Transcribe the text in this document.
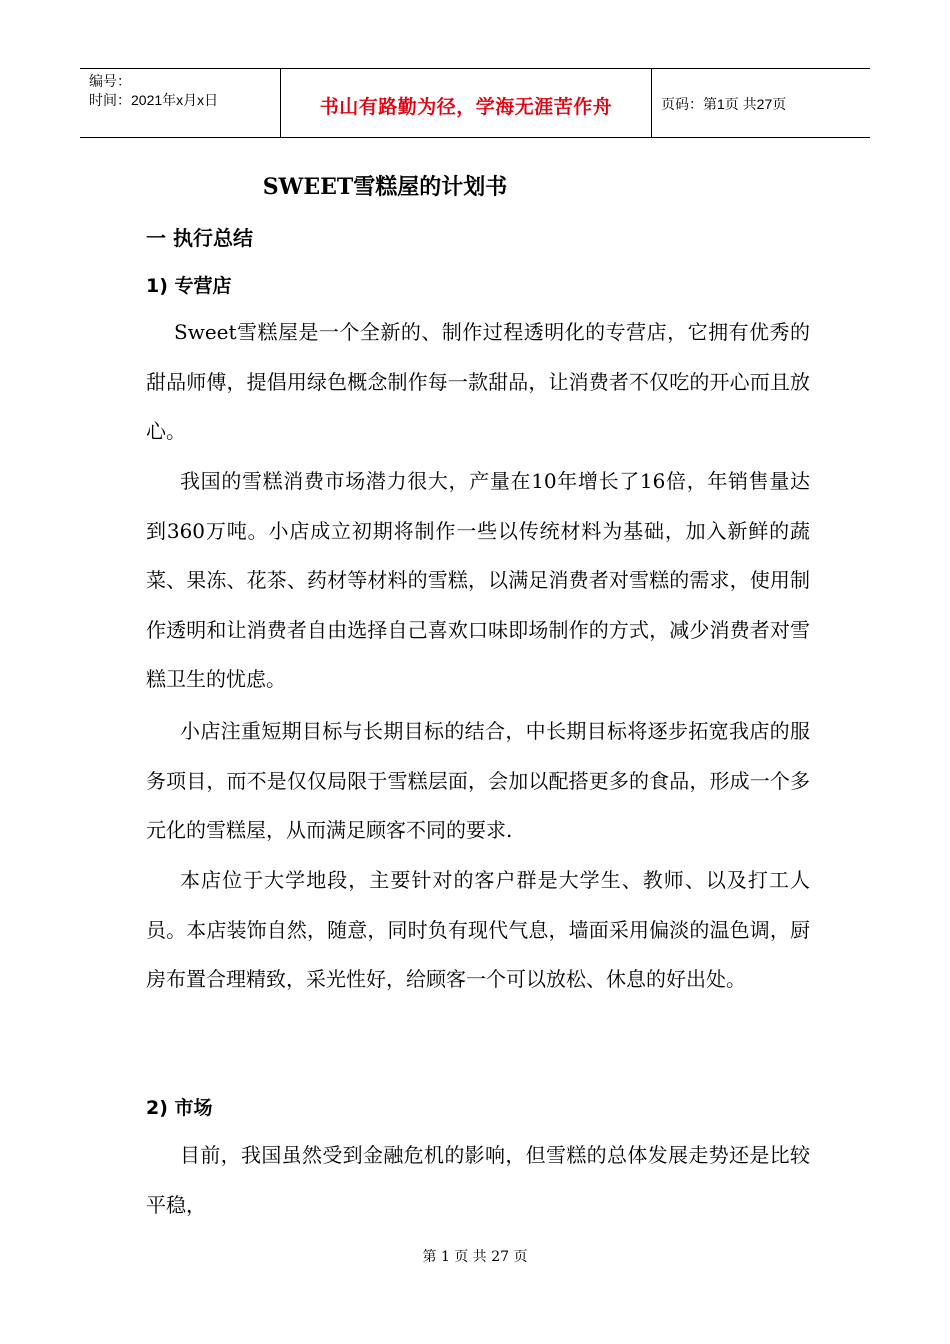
编号：
时间：2021年x月x日	书山有路勤为径，学海无涯苦作舟	页码：第1页 共27页
SWEET雪糕屋的计划书
一 执行总结
1) 专营店
Sweet雪糕屋是一个全新的、制作过程透明化的专营店，它拥有优秀的甜品师傅，提倡用绿色概念制作每一款甜品，让消费者不仅吃的开心而且放心。
我国的雪糕消费市场潜力很大，产量在10年增长了16倍，年销售量达到360万吨。小店成立初期将制作一些以传统材料为基础，加入新鲜的蔬菜、果冻、花茶、药材等材料的雪糕，以满足消费者对雪糕的需求，使用制作透明和让消费者自由选择自己喜欢口味即场制作的方式，减少消费者对雪糕卫生的忧虑。
小店注重短期目标与长期目标的结合，中长期目标将逐步拓宽我店的服务项目，而不是仅仅局限于雪糕层面，会加以配搭更多的食品，形成一个多元化的雪糕屋，从而满足顾客不同的要求.
本店位于大学地段，主要针对的客户群是大学生、教师、以及打工人员。本店装饰自然，随意，同时负有现代气息，墙面采用偏淡的温色调，厨房布置合理精致，采光性好，给顾客一个可以放松、休息的好出处。
2) 市场
目前，我国虽然受到金融危机的影响，但雪糕的总体发展走势还是比较平稳，
第 1 页 共 27 页
